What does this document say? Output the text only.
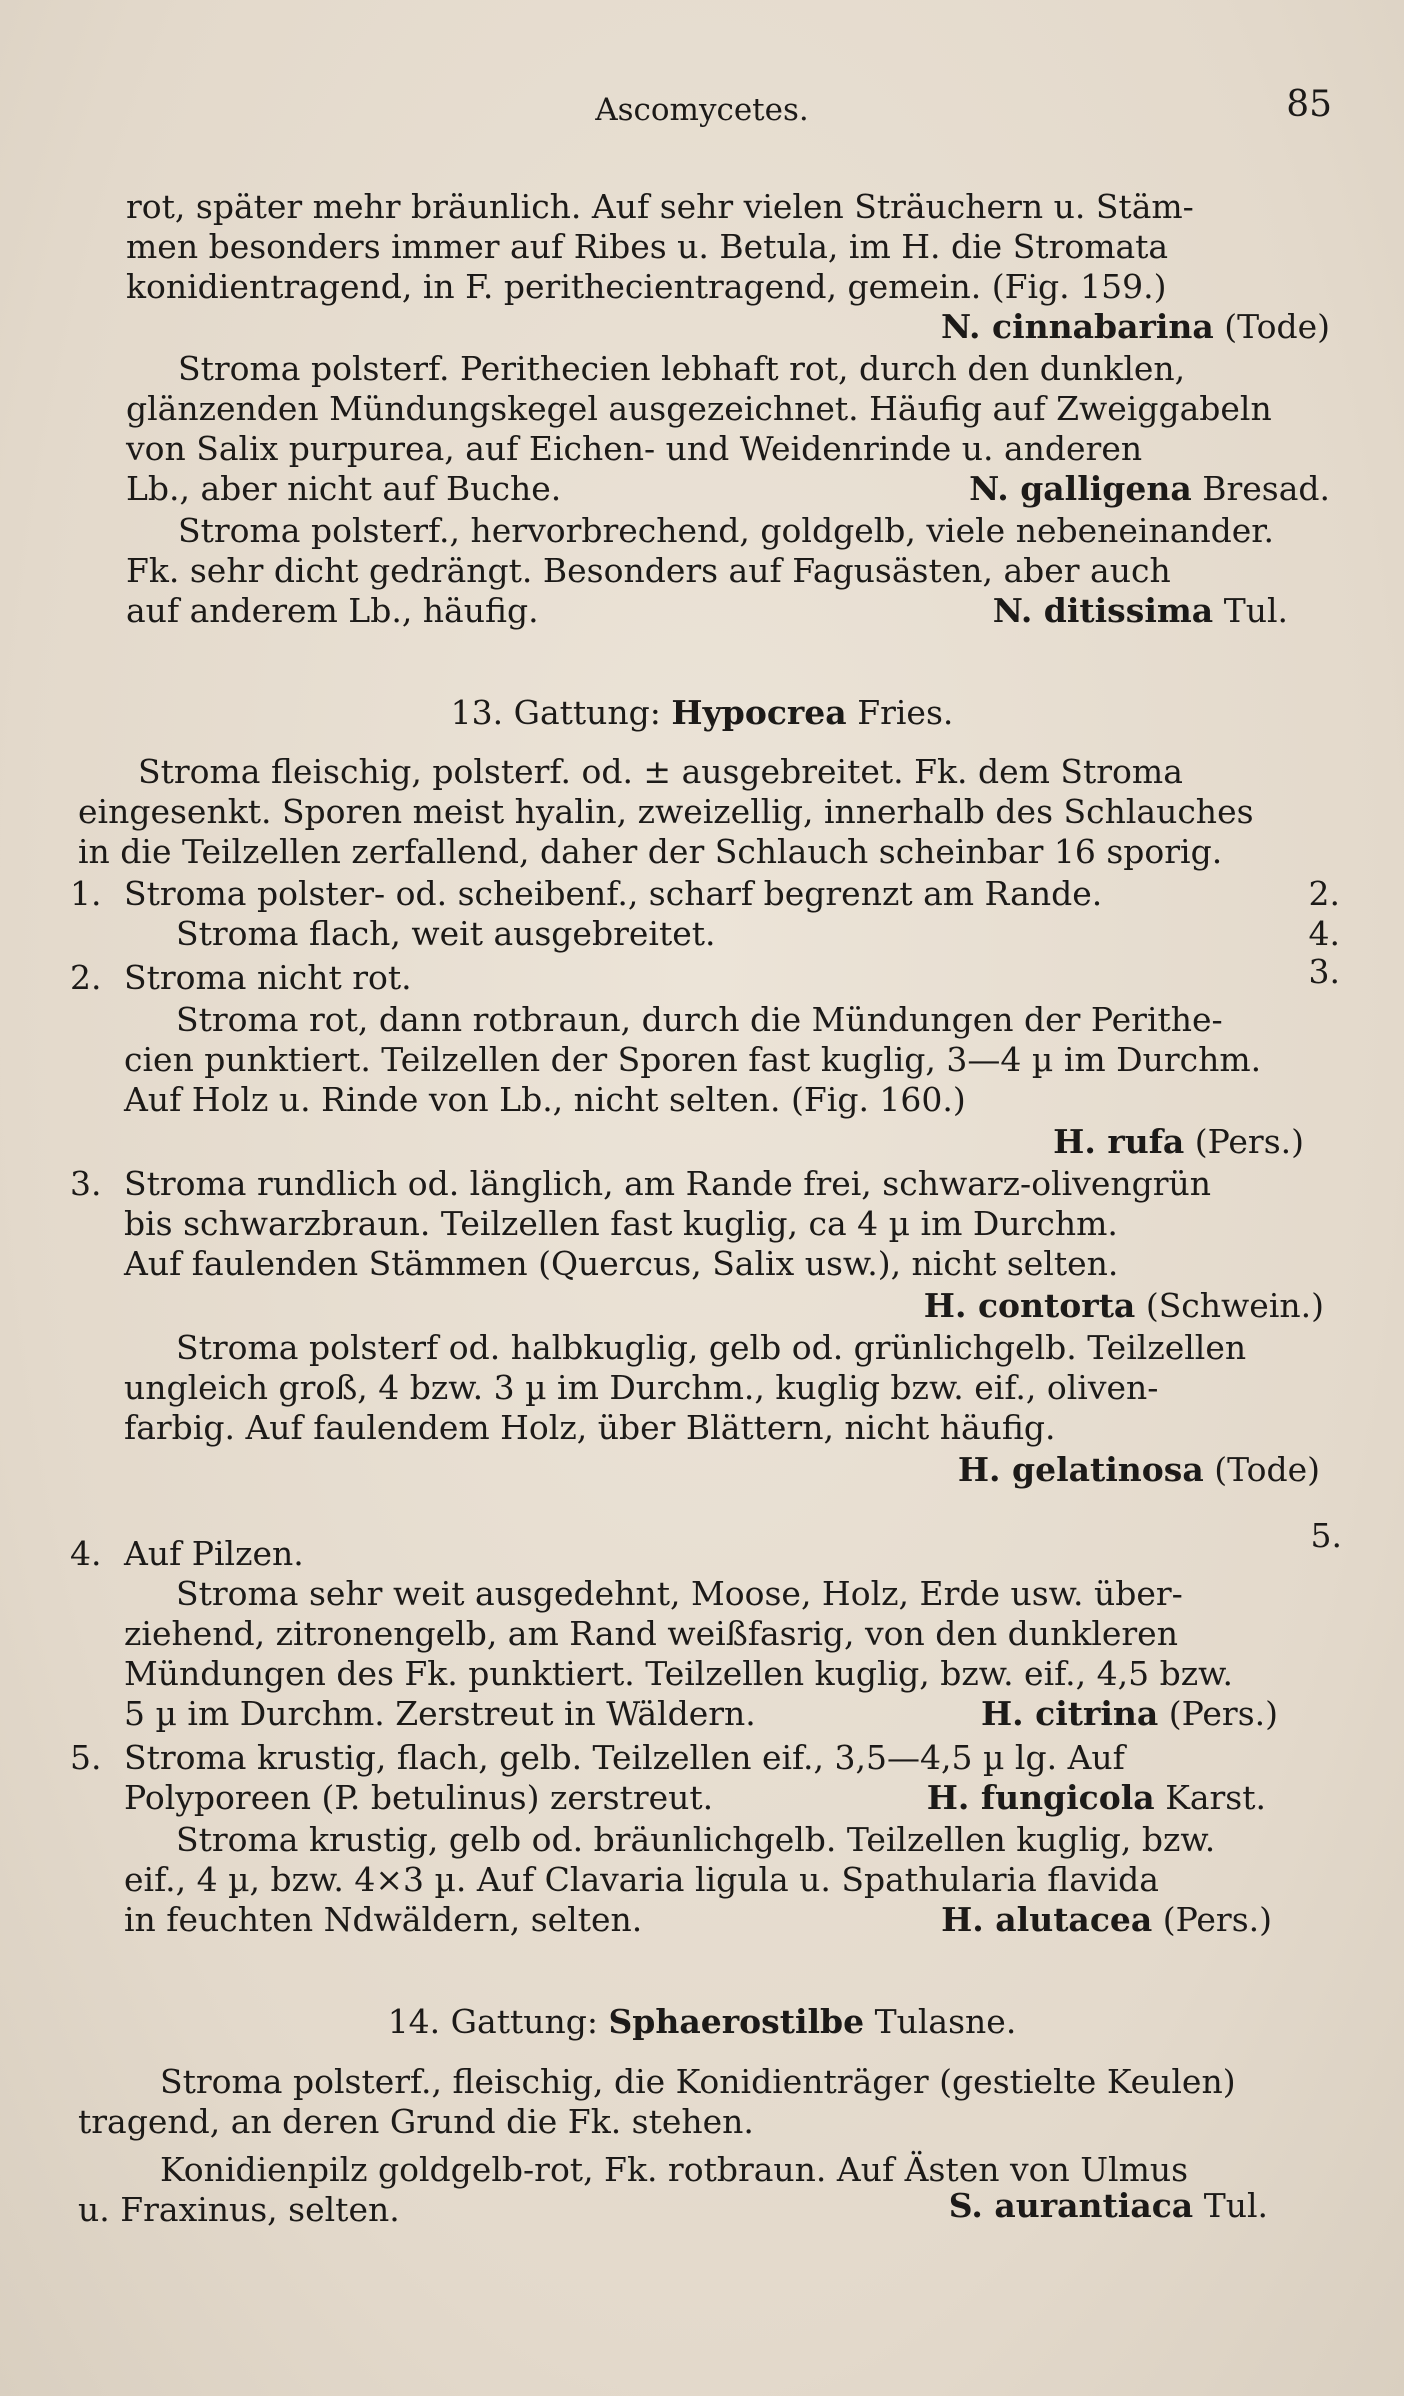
Ascomycetes.	85
rot, später mehr bräunlich. Auf sehr vielen Sträuchern u. Stäm-
men besonders immer auf Ribes u. Betula, im H. die Stromata
konidientragend, in F. perithecientragend, gemein. (Fig. 159.)
N. cinnabarina (Tode)
Stroma polsterf. Perithecien lebhaft rot, durch den dunklen,
glänzenden Mündungskegel ausgezeichnet. Häufig auf Zweiggabeln
von Salix purpurea, auf Eichen- und Weidenrinde u. anderen
Lb., aber nicht auf Buche.	N. galligena Bresad.
Stroma polsterf., hervorbrechend, goldgelb, viele nebeneinander.
Fk. sehr dicht gedrängt. Besonders auf Fagusästen, aber auch
auf anderem Lb., häufig.	N. ditissima Tul.
13. Gattung: Hypocrea Fries.
Stroma fleischig, polsterf. od. ± ausgebreitet. Fk. dem Stroma
eingesenkt. Sporen meist hyalin, zweizellig, innerhalb des Schlauches
in die Teilzellen zerfallend, daher der Schlauch scheinbar 16 sporig.
1. Stroma polster- od. scheibenf., scharf begrenzt am Rande.	2.
Stroma flach, weit ausgebreitet.	4.
2. Stroma nicht rot.	3.
Stroma rot, dann rotbraun, durch die Mündungen der Perithe-
cien punktiert. Teilzellen der Sporen fast kuglig, 3—4 µ im Durchm.
Auf Holz u. Rinde von Lb., nicht selten. (Fig. 160.)
H. rufa (Pers.)
3. Stroma rundlich od. länglich, am Rande frei, schwarz-olivengrün
bis schwarzbraun. Teilzellen fast kuglig, ca 4 µ im Durchm.
Auf faulenden Stämmen (Quercus, Salix usw.), nicht selten.
H. contorta (Schwein.)
Stroma polsterf od. halbkuglig, gelb od. grünlichgelb. Teilzellen
ungleich groß, 4 bzw. 3 µ im Durchm., kuglig bzw. eif., oliven-
farbig. Auf faulendem Holz, über Blättern, nicht häufig.
H. gelatinosa (Tode)
4. Auf Pilzen.	5.
Stroma sehr weit ausgedehnt, Moose, Holz, Erde usw. über-
ziehend, zitronengelb, am Rand weißfasrig, von den dunkleren
Mündungen des Fk. punktiert. Teilzellen kuglig, bzw. eif., 4,5 bzw.
5 µ im Durchm. Zerstreut in Wäldern.	H. citrina (Pers.)
5. Stroma krustig, flach, gelb. Teilzellen eif., 3,5—4,5 µ lg. Auf
Polyporeen (P. betulinus) zerstreut.	H. fungicola Karst.
Stroma krustig, gelb od. bräunlichgelb. Teilzellen kuglig, bzw.
eif., 4 µ, bzw. 4×3 µ. Auf Clavaria ligula u. Spathularia flavida
in feuchten Ndwäldern, selten.	H. alutacea (Pers.)
14. Gattung: Sphaerostilbe Tulasne.
Stroma polsterf., fleischig, die Konidienträger (gestielte Keulen)
tragend, an deren Grund die Fk. stehen.
Konidienpilz goldgelb-rot, Fk. rotbraun. Auf Ästen von Ulmus
u. Fraxinus, selten.	S. aurantiaca Tul.
